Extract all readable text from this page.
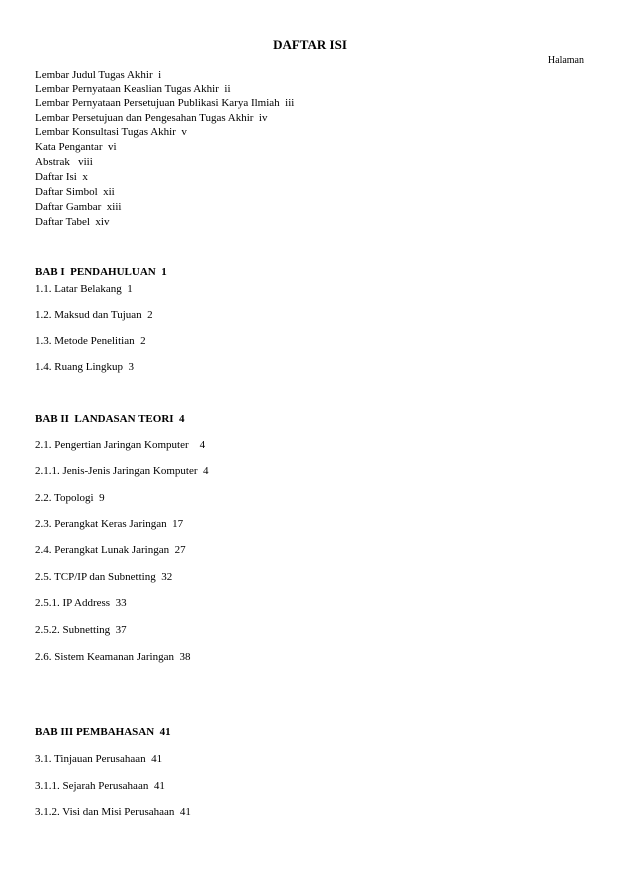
DAFTAR ISI
Halaman
Lembar Judul Tugas Akhir  i
Lembar Pernyataan Keaslian Tugas Akhir  ii
Lembar Pernyataan Persetujuan Publikasi Karya Ilmiah  iii
Lembar Persetujuan dan Pengesahan Tugas Akhir  iv
Lembar Konsultasi Tugas Akhir  v
Kata Pengantar  vi
Abstrak   viii
Daftar Isi  x
Daftar Simbol  xii
Daftar Gambar  xiii
Daftar Tabel  xiv
BAB I  PENDAHULUAN  1
1.1. Latar Belakang  1
1.2. Maksud dan Tujuan  2
1.3. Metode Penelitian  2
1.4. Ruang Lingkup  3
BAB II  LANDASAN TEORI  4
2.1. Pengertian Jaringan Komputer    4
2.1.1. Jenis-Jenis Jaringan Komputer  4
2.2. Topologi  9
2.3. Perangkat Keras Jaringan  17
2.4. Perangkat Lunak Jaringan  27
2.5. TCP/IP dan Subnetting  32
2.5.1. IP Address  33
2.5.2. Subnetting  37
2.6. Sistem Keamanan Jaringan  38
BAB III PEMBAHASAN  41
3.1. Tinjauan Perusahaan  41
3.1.1. Sejarah Perusahaan  41
3.1.2. Visi dan Misi Perusahaan  41
